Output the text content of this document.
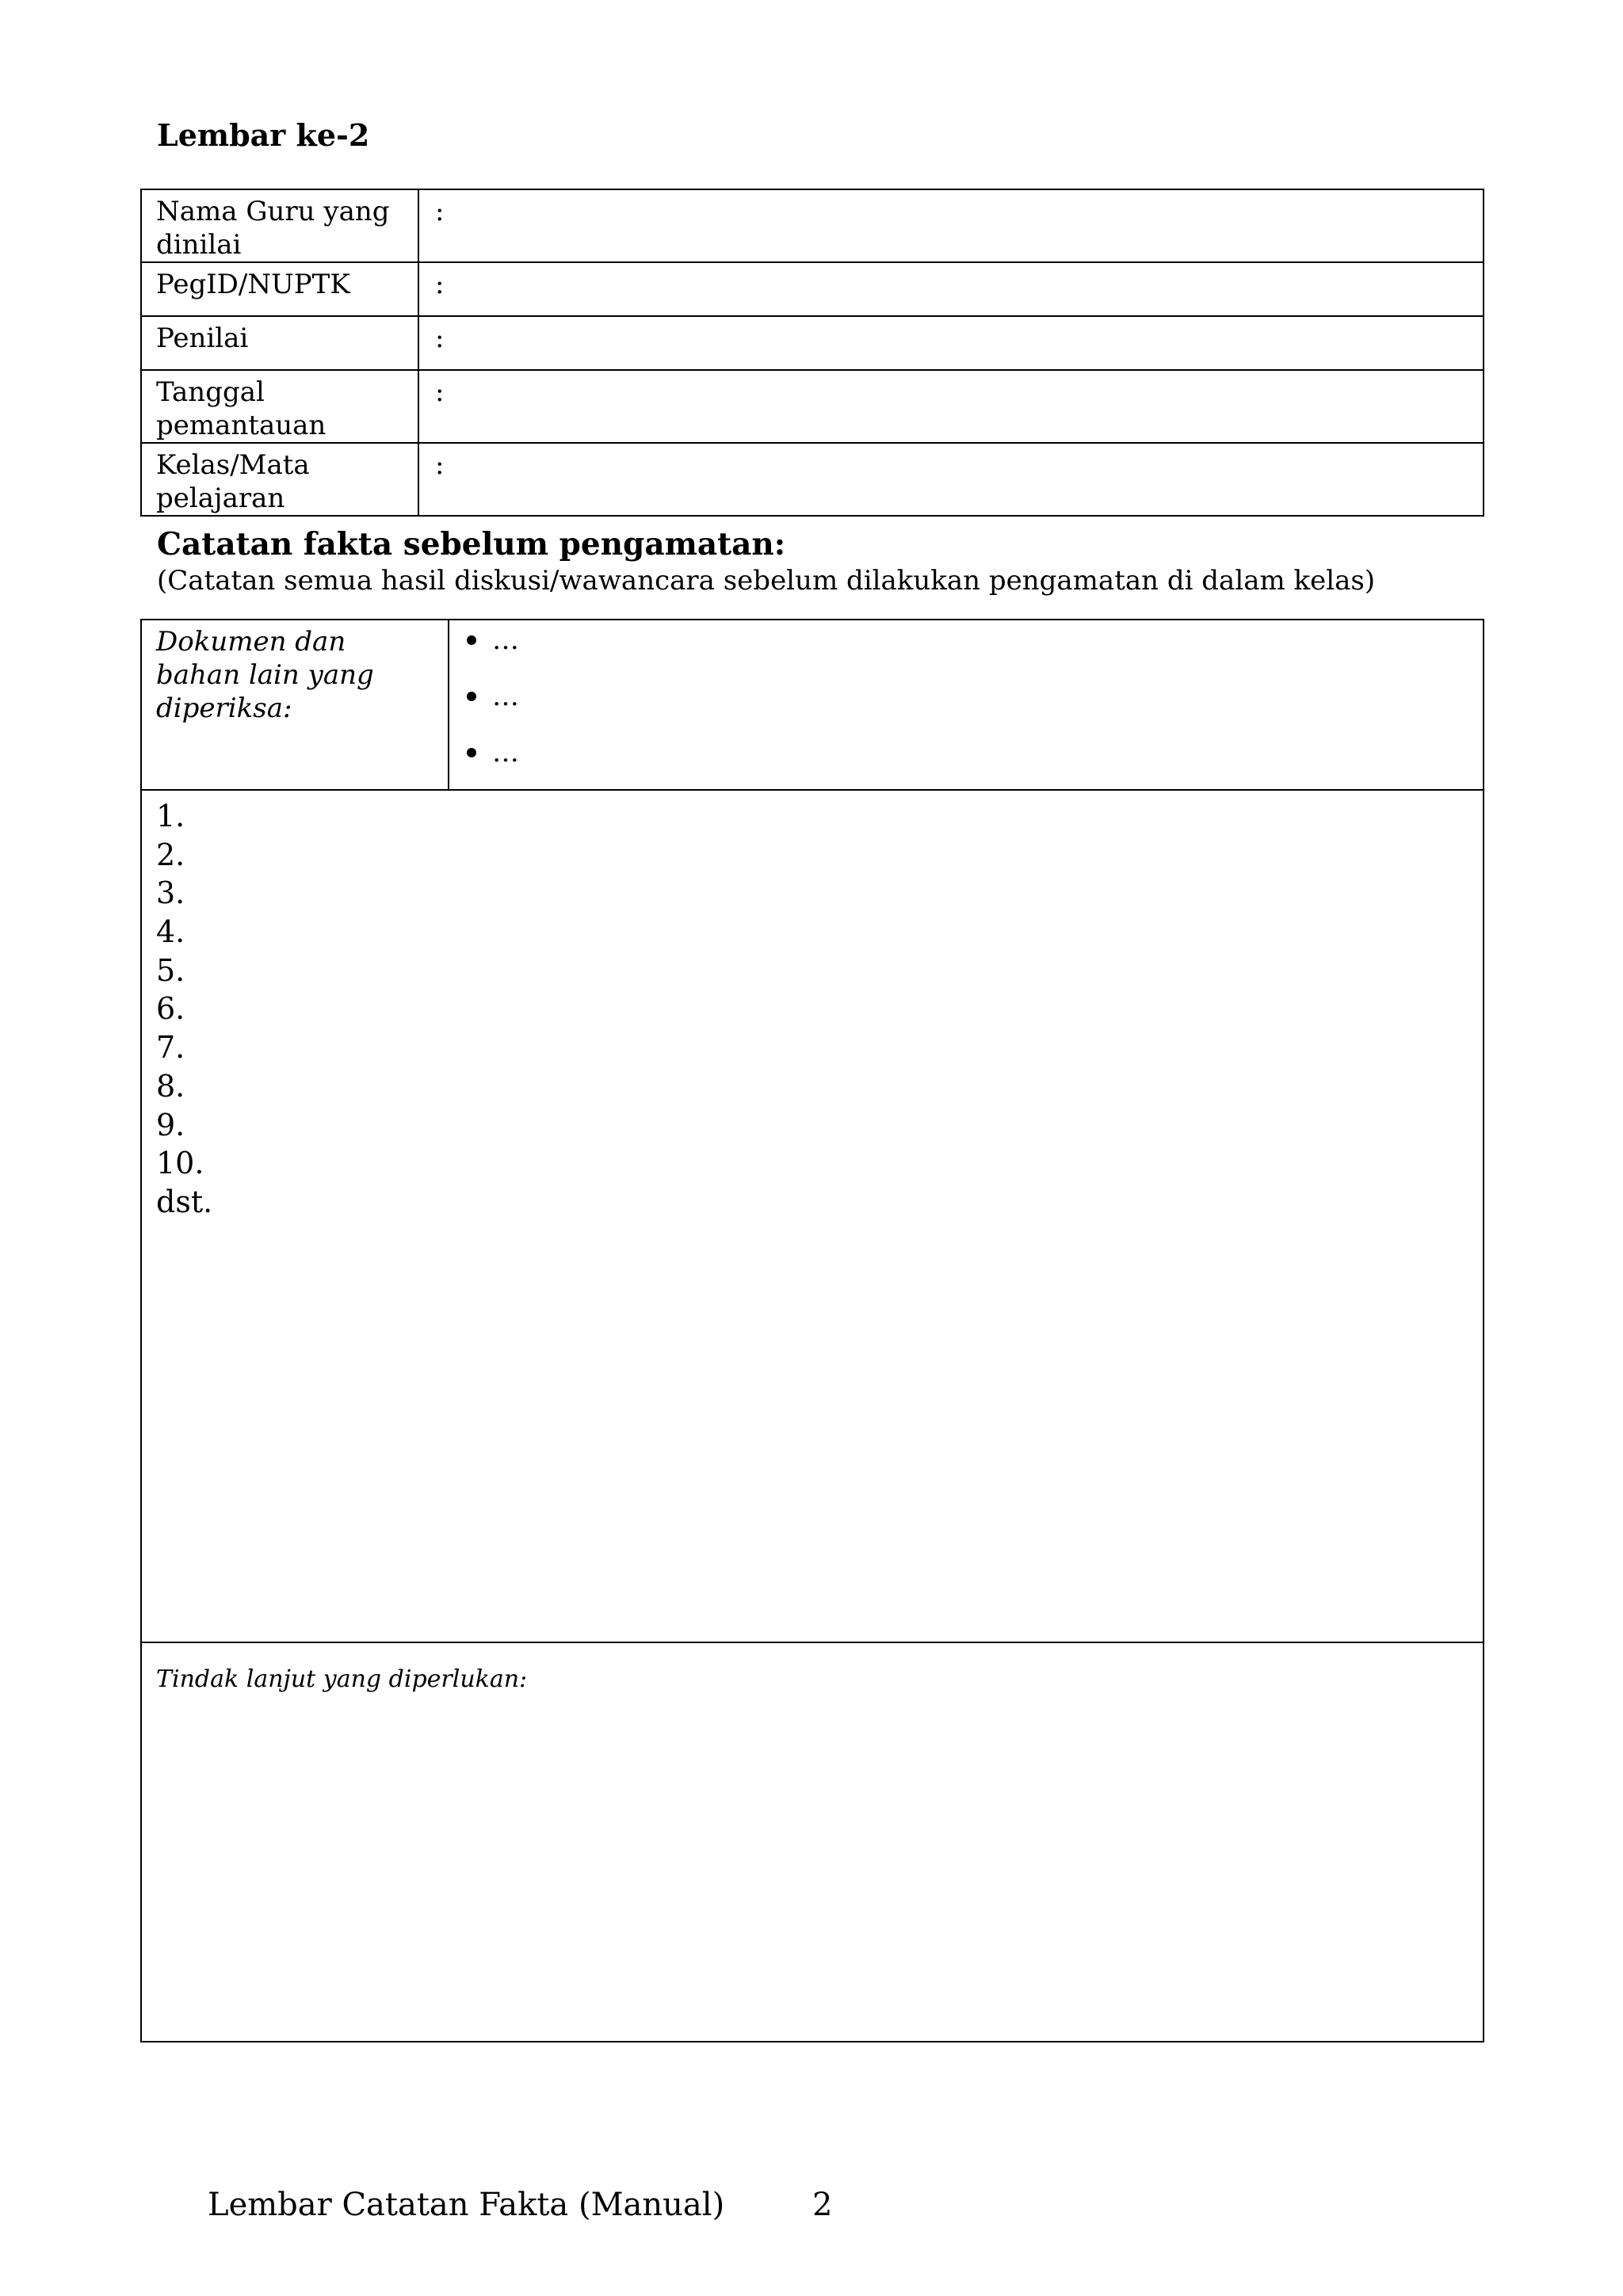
Lembar ke-2
Nama Guru yang dinilai	:
PegID/NUPTK	:
Penilai	:
Tanggal pemantauan	:
Kelas/Mata pelajaran	:
Catatan fakta sebelum pengamatan:

(Catatan semua hasil diskusi/wawancara sebelum dilakukan pengamatan di dalam kelas)

Dokumen dan bahan lain yang diperiksa:
…
…
…
1.
2.
3.
4.
5.
6.
7.
8.
9.
10.
dst.

Tindak lanjut yang diperlukan:

Lembar Catatan Fakta (Manual)	2
